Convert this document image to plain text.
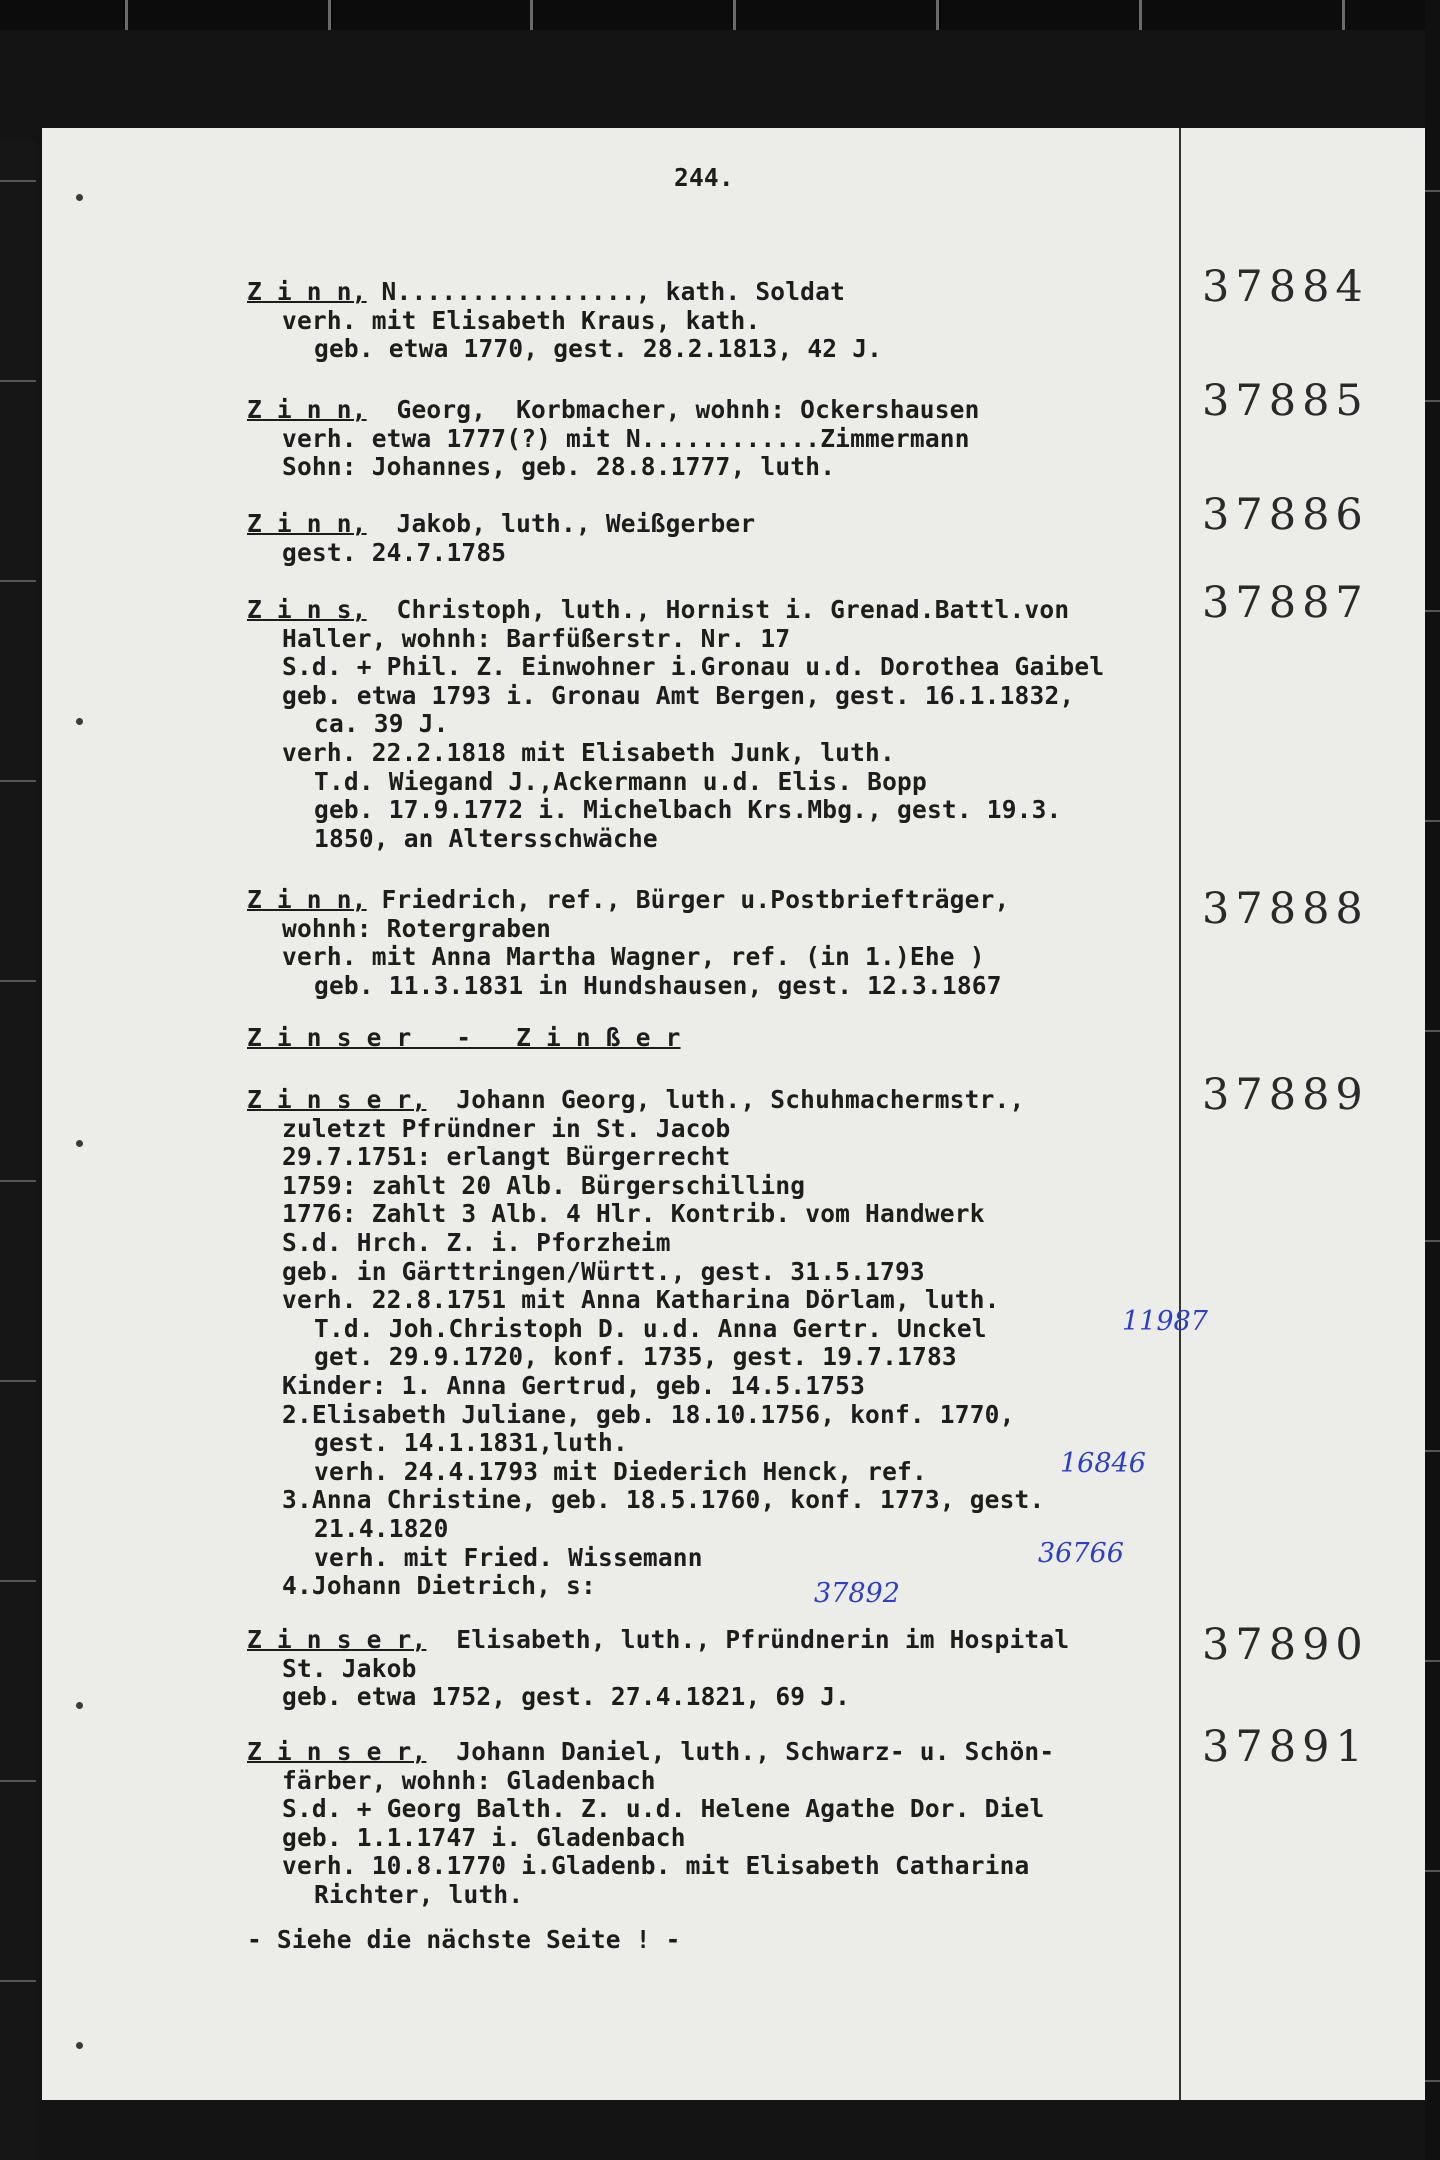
244.
Z i n n, N................, kath. Soldat
verh. mit Elisabeth Kraus, kath.
geb. etwa 1770, gest. 28.2.1813, 42 J.
37884
Z i n n,  Georg,  Korbmacher, wohnh: Ockershausen
verh. etwa 1777(?) mit N............Zimmermann
Sohn: Johannes, geb. 28.8.1777, luth.
37885
Z i n n,  Jakob, luth., Weißgerber
gest. 24.7.1785
37886
Z i n s,  Christoph, luth., Hornist i. Grenad.Battl.von
Haller, wohnh: Barfüßerstr. Nr. 17
S.d. + Phil. Z. Einwohner i.Gronau u.d. Dorothea Gaibel
geb. etwa 1793 i. Gronau Amt Bergen, gest. 16.1.1832,
ca. 39 J.
verh. 22.2.1818 mit Elisabeth Junk, luth.
T.d. Wiegand J.,Ackermann u.d. Elis. Bopp
geb. 17.9.1772 i. Michelbach Krs.Mbg., gest. 19.3.
1850, an Altersschwäche
37887
Z i n n, Friedrich, ref., Bürger u.Postbriefträger,
wohnh: Rotergraben
verh. mit Anna Martha Wagner, ref. (in 1.)Ehe )
geb. 11.3.1831 in Hundshausen, gest. 12.3.1867
37888
Z i n s e r   -   Z i n ß e r
Z i n s e r,  Johann Georg, luth., Schuhmachermstr.,
zuletzt Pfründner in St. Jacob
29.7.1751: erlangt Bürgerrecht
1759: zahlt 20 Alb. Bürgerschilling
1776: Zahlt 3 Alb. 4 Hlr. Kontrib. vom Handwerk
S.d. Hrch. Z. i. Pforzheim
geb. in Gärttringen/Württ., gest. 31.5.1793
verh. 22.8.1751 mit Anna Katharina Dörlam, luth.
T.d. Joh.Christoph D. u.d. Anna Gertr. Unckel
get. 29.9.1720, konf. 1735, gest. 19.7.1783
Kinder: 1. Anna Gertrud, geb. 14.5.1753
2.Elisabeth Juliane, geb. 18.10.1756, konf. 1770,
gest. 14.1.1831,luth.
verh. 24.4.1793 mit Diederich Henck, ref.
3.Anna Christine, geb. 18.5.1760, konf. 1773, gest.
21.4.1820
verh. mit Fried. Wissemann
4.Johann Dietrich, s:
37889
Z i n s e r,  Elisabeth, luth., Pfründnerin im Hospital
St. Jakob
geb. etwa 1752, gest. 27.4.1821, 69 J.
37890
Z i n s e r,  Johann Daniel, luth., Schwarz- u. Schön-
färber, wohnh: Gladenbach
S.d. + Georg Balth. Z. u.d. Helene Agathe Dor. Diel
geb. 1.1.1747 i. Gladenbach
verh. 10.8.1770 i.Gladenb. mit Elisabeth Catharina
Richter, luth.
37891
- Siehe die nächste Seite ! -
11987
16846
36766
37892
